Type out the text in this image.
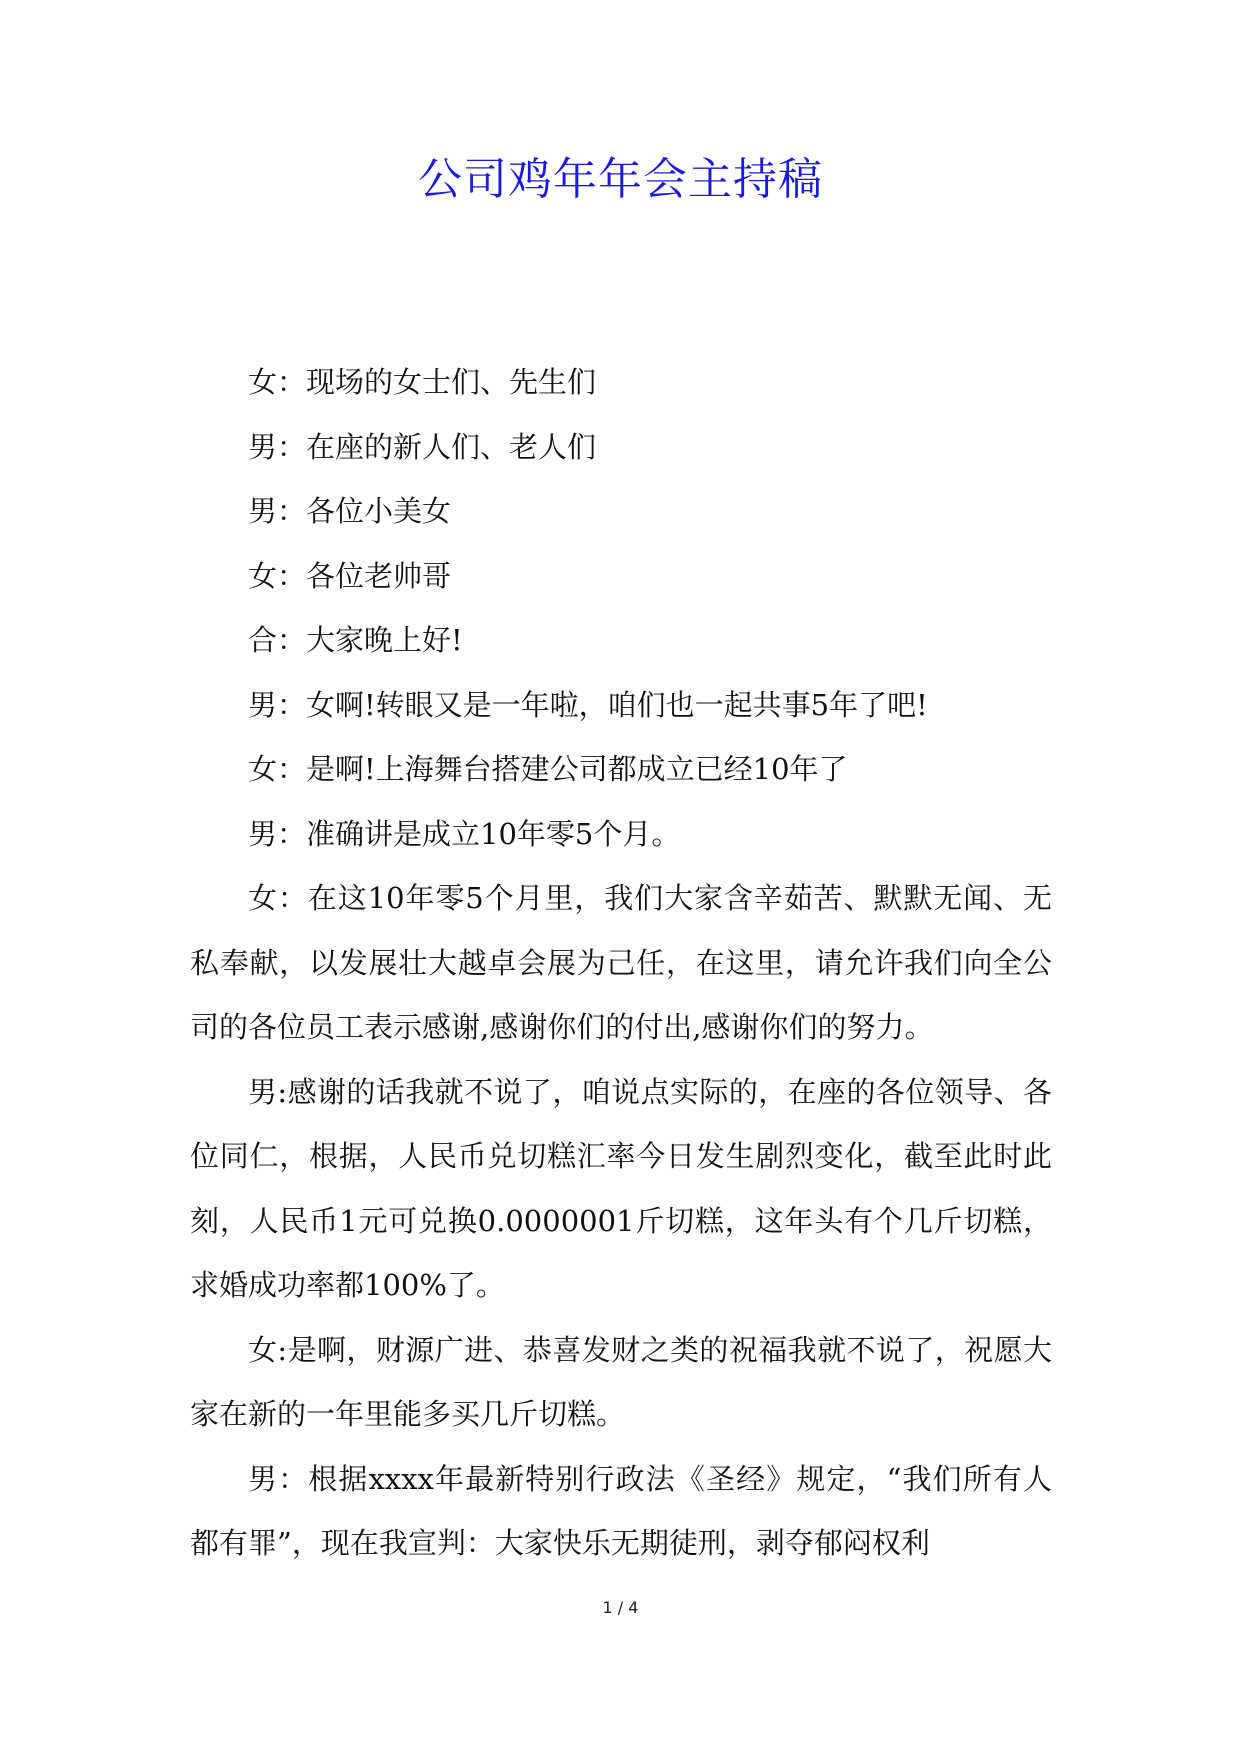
公司鸡年年会主持稿

女：现场的女士们、先生们

男：在座的新人们、老人们

男：各位小美女

女：各位老帅哥

合：大家晚上好!

男：女啊!转眼又是一年啦，咱们也一起共事5年了吧!

女：是啊!上海舞台搭建公司都成立已经10年了

男：准确讲是成立10年零5个月。

女：在这10年零5个月里，我们大家含辛茹苦、默默无闻、无私奉献，以发展壮大越卓会展为己任，在这里，请允许我们向全公司的各位员工表示感谢,感谢你们的付出,感谢你们的努力。

男:感谢的话我就不说了，咱说点实际的，在座的各位领导、各位同仁，根据，人民币兑切糕汇率今日发生剧烈变化，截至此时此刻，人民币1元可兑换0.0000001斤切糕，这年头有个几斤切糕，求婚成功率都100%了。

女:是啊，财源广进、恭喜发财之类的祝福我就不说了，祝愿大家在新的一年里能多买几斤切糕。

男：根据xxxx年最新特别行政法《圣经》规定，“我们所有人都有罪”，现在我宣判：大家快乐无期徒刑，剥夺郁闷权利

1 / 4
